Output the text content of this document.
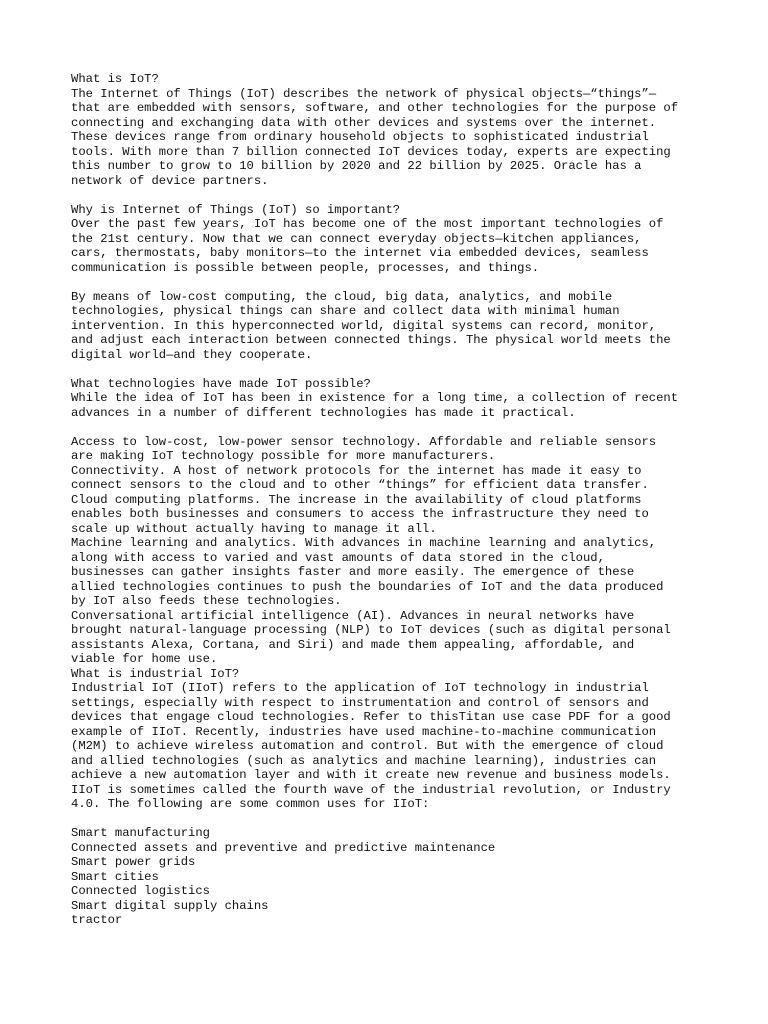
What is IoT?
The Internet of Things (IoT) describes the network of physical objects—“things”—
that are embedded with sensors, software, and other technologies for the purpose of
connecting and exchanging data with other devices and systems over the internet.
These devices range from ordinary household objects to sophisticated industrial
tools. With more than 7 billion connected IoT devices today, experts are expecting
this number to grow to 10 billion by 2020 and 22 billion by 2025. Oracle has a
network of device partners.
Why is Internet of Things (IoT) so important?
Over the past few years, IoT has become one of the most important technologies of
the 21st century. Now that we can connect everyday objects—kitchen appliances,
cars, thermostats, baby monitors—to the internet via embedded devices, seamless
communication is possible between people, processes, and things.
By means of low-cost computing, the cloud, big data, analytics, and mobile
technologies, physical things can share and collect data with minimal human
intervention. In this hyperconnected world, digital systems can record, monitor,
and adjust each interaction between connected things. The physical world meets the
digital world—and they cooperate.
What technologies have made IoT possible?
While the idea of IoT has been in existence for a long time, a collection of recent
advances in a number of different technologies has made it practical.
Access to low-cost, low-power sensor technology. Affordable and reliable sensors
are making IoT technology possible for more manufacturers.
Connectivity. A host of network protocols for the internet has made it easy to
connect sensors to the cloud and to other “things” for efficient data transfer.
Cloud computing platforms. The increase in the availability of cloud platforms
enables both businesses and consumers to access the infrastructure they need to
scale up without actually having to manage it all.
Machine learning and analytics. With advances in machine learning and analytics,
along with access to varied and vast amounts of data stored in the cloud,
businesses can gather insights faster and more easily. The emergence of these
allied technologies continues to push the boundaries of IoT and the data produced
by IoT also feeds these technologies.
Conversational artificial intelligence (AI). Advances in neural networks have
brought natural-language processing (NLP) to IoT devices (such as digital personal
assistants Alexa, Cortana, and Siri) and made them appealing, affordable, and
viable for home use.
What is industrial IoT?
Industrial IoT (IIoT) refers to the application of IoT technology in industrial
settings, especially with respect to instrumentation and control of sensors and
devices that engage cloud technologies. Refer to thisTitan use case PDF for a good
example of IIoT. Recently, industries have used machine-to-machine communication
(M2M) to achieve wireless automation and control. But with the emergence of cloud
and allied technologies (such as analytics and machine learning), industries can
achieve a new automation layer and with it create new revenue and business models.
IIoT is sometimes called the fourth wave of the industrial revolution, or Industry
4.0. The following are some common uses for IIoT:
Smart manufacturing
Connected assets and preventive and predictive maintenance
Smart power grids
Smart cities
Connected logistics
Smart digital supply chains
tractor
